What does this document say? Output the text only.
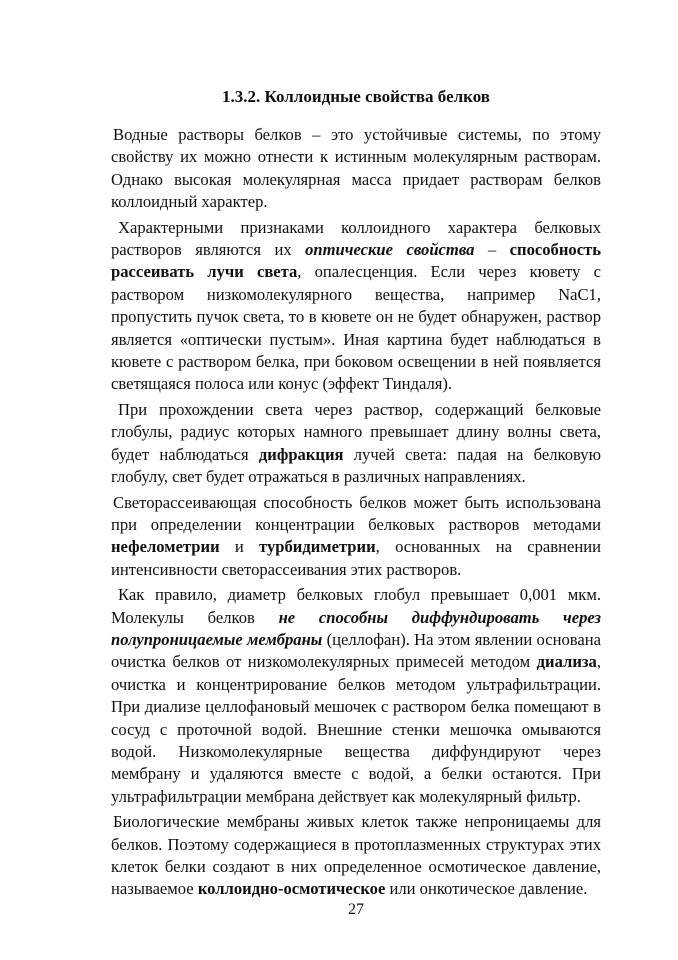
1.3.2. Коллоидные свойства белков

Водные растворы белков – это устойчивые системы, по этому свойству их можно отнести к истинным молекулярным растворам. Однако высокая молекулярная масса придает растворам белков коллоидный характер.

Характерными признаками коллоидного характера белковых растворов являются их оптические свойства – способность рассеивать лучи света, опалесценция. Если через кювету с раствором низкомолекулярного вещества, например NaC1, пропустить пучок света, то в кювете он не будет обнаружен, раствор является «оптически пустым». Иная картина будет наблюдаться в кювете с раствором белка, при боковом освещении в ней появляется светящаяся полоса или конус (эффект Тиндаля).

При прохождении света через раствор, содержащий белковые глобулы, радиус которых намного превышает длину волны света, будет наблюдаться дифракция лучей света: падая на белковую глобулу, свет будет отражаться в различных направлениях.

Светорассеивающая способность белков может быть использована при определении концентрации белковых растворов методами нефелометрии и турбидиметрии, основанных на сравнении интенсивности светорассеивания этих растворов.

Как правило, диаметр белковых глобул превышает 0,001 мкм. Молекулы белков не способны диффундировать через полупроницаемые мембраны (целлофан). На этом явлении основана очистка белков от низкомолекулярных примесей методом диализа, очистка и концентрирование белков методом ультрафильтрации. При диализе целлофановый мешочек с раствором белка помещают в сосуд с проточной водой. Внешние стенки мешочка омываются водой. Низкомолекулярные вещества диффундируют через мембрану и удаляются вместе с водой, а белки остаются. При ультрафильтрации мембрана действует как молекулярный фильтр.

Биологические мембраны живых клеток также непроницаемы для белков. Поэтому содержащиеся в протоплазменных структурах этих клеток белки создают в них определенное осмотическое давление, называемое коллоидно-осмотическое или онкотическое давление.

27
